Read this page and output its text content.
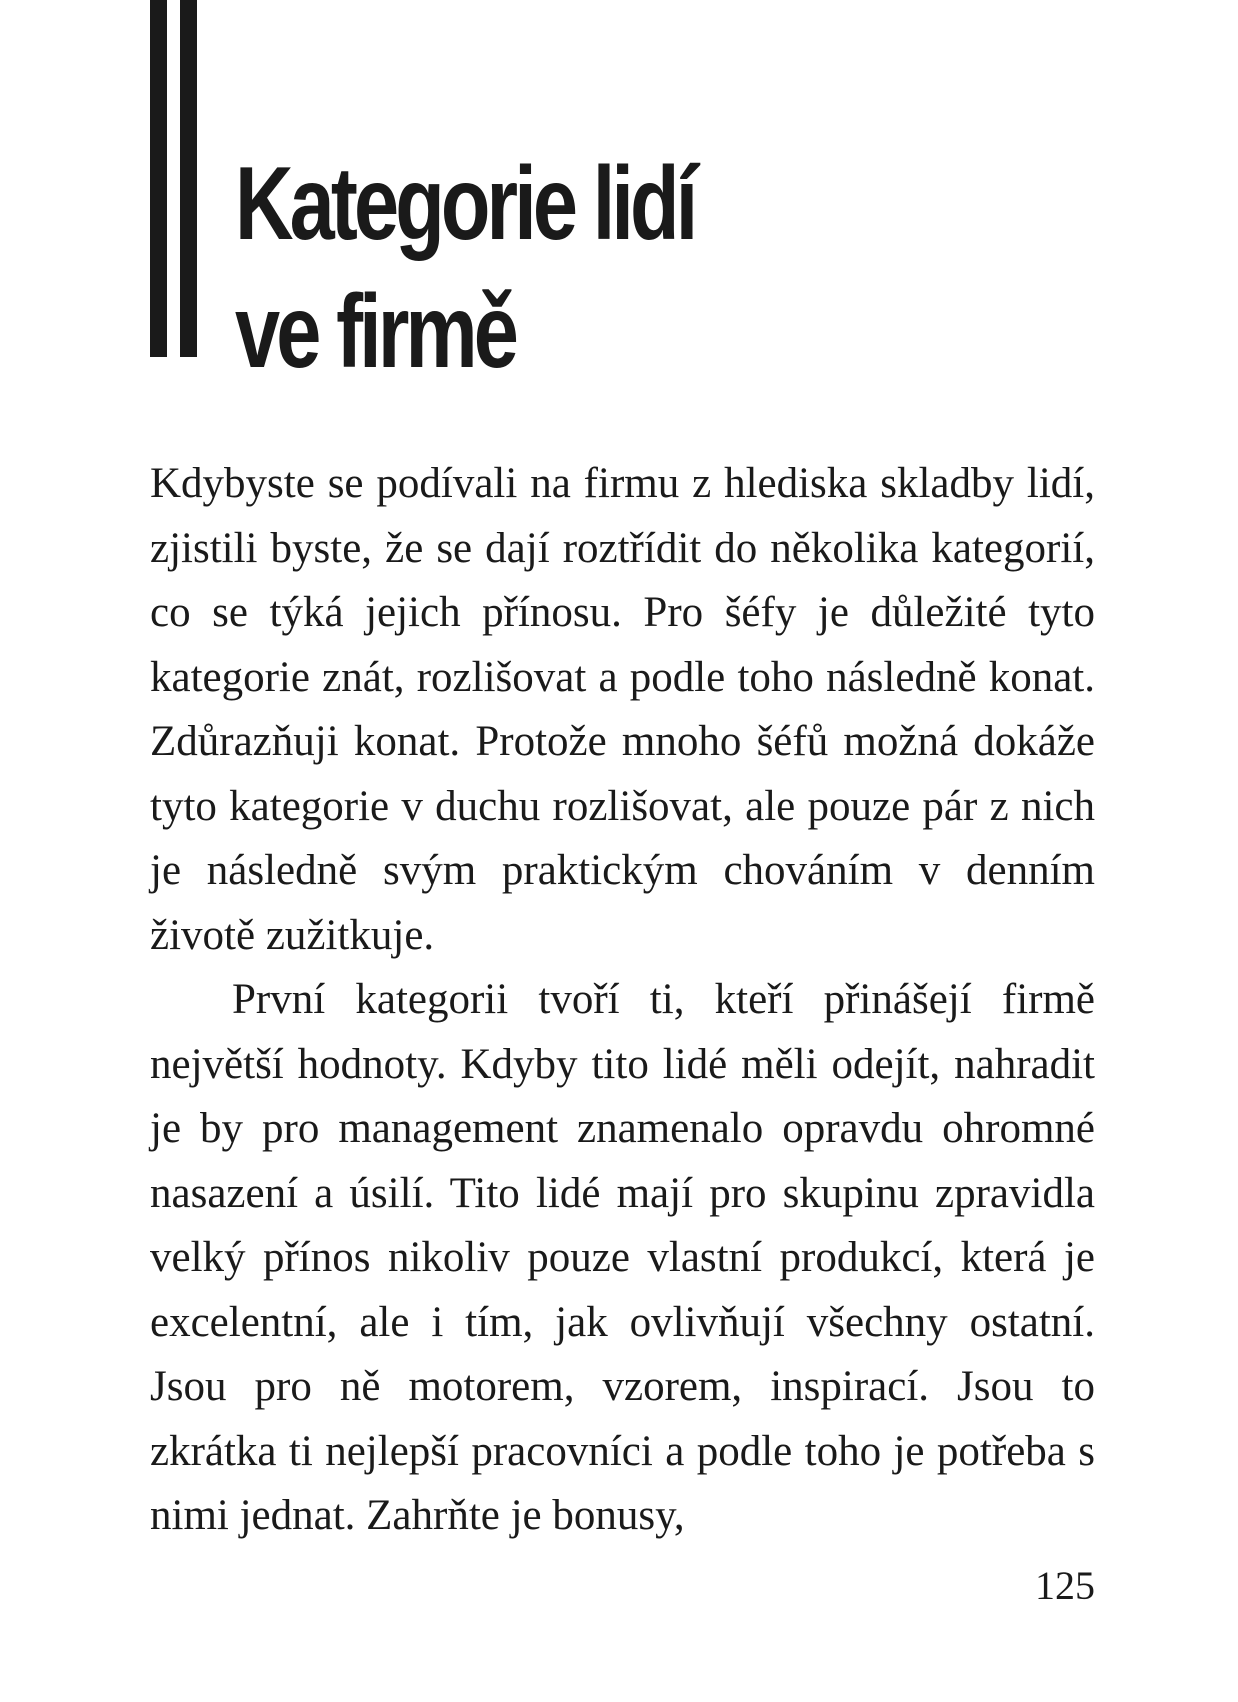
Kategorie lidí
ve firmě

Kdybyste se podívali na firmu z hlediska skladby lidí, zjistili byste, že se dají roztřídit do několika kategorií, co se týká jejich přínosu. Pro šéfy je důležité tyto kategorie znát, rozlišovat a podle toho následně konat. Zdůrazňuji konat. Protože mnoho šéfů možná dokáže tyto kategorie v duchu rozlišovat, ale pouze pár z nich je následně svým praktickým chováním v denním životě zužitkuje.

První kategorii tvoří ti, kteří přinášejí firmě největší hodnoty. Kdyby tito lidé měli odejít, nahradit je by pro management znamenalo opravdu ohromné nasazení a úsilí. Tito lidé mají pro skupinu zpravidla velký přínos nikoliv pouze vlastní produkcí, která je excelentní, ale i tím, jak ovlivňují všechny ostatní. Jsou pro ně motorem, vzorem, inspirací. Jsou to zkrátka ti nejlepší pracovníci a podle toho je potřeba s nimi jednat. Zahrňte je bonusy,

125
